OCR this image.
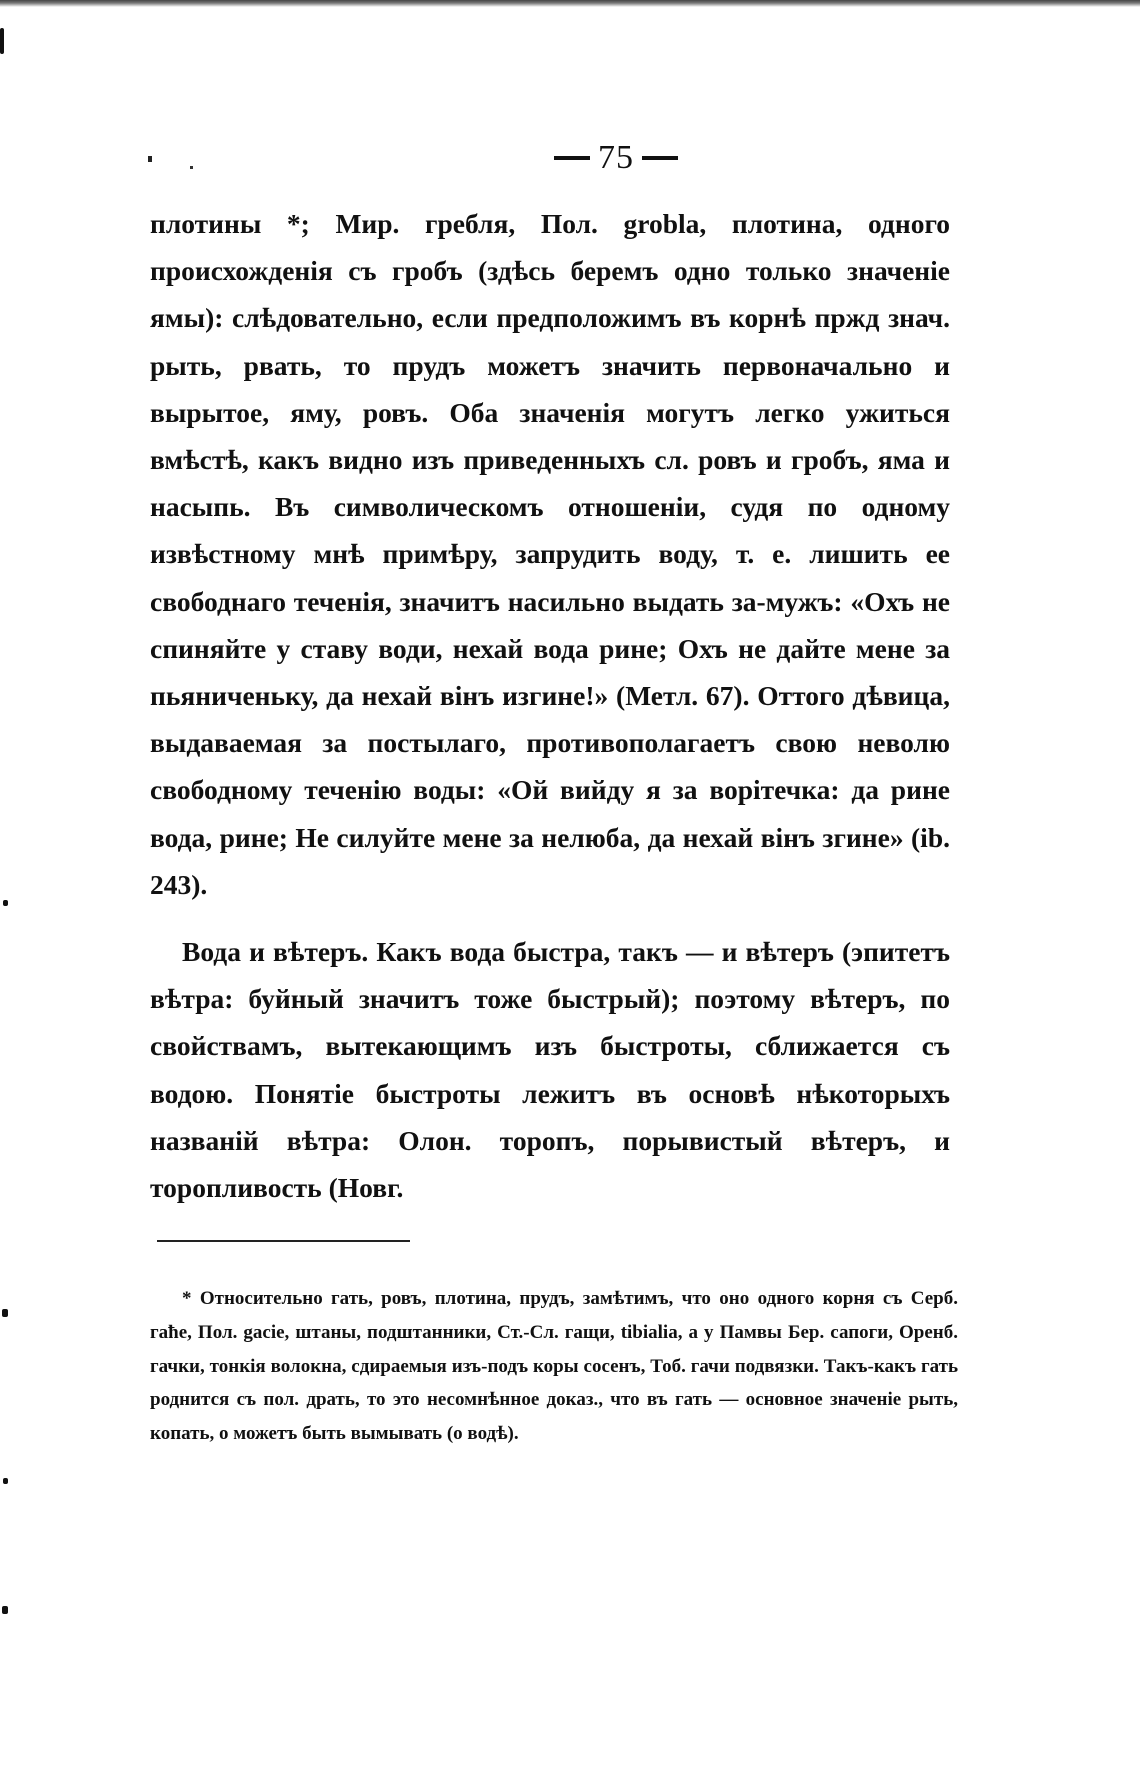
75

плотины *; Мир. гребля, Пол. grobla, плотина, одного происхожденія съ гробъ (здѣсь беремъ одно только значеніе ямы): слѣдовательно, если предположимъ въ корнѣ пржд знач. рыть, рвать, то прудъ можетъ значить первоначально и вырытое, яму, ровъ. Оба значенія могутъ легко ужиться вмѣстѣ, какъ видно изъ приведенныхъ сл. ровъ и гробъ, яма и насыпь. Въ символическомъ отношеніи, судя по одному извѣстному мнѣ примѣру, запрудить воду, т. е. лишить ее свободнаго теченія, значитъ насильно выдать за-мужъ: «Охъ не спиняйте у ставу води, нехай вода рине; Охъ не дайте мене за пьяниченьку, да нехай вінъ изгине!» (Метл. 67). Оттого дѣвица, выдаваемая за постылаго, противополагаетъ свою неволю свободному теченію воды: «Ой вийду я за ворітечка: да рине вода, рине; Не силуйте мене за нелюба, да нехай вінъ згине» (ib. 243).

Вода и вѣтеръ. Какъ вода быстра, такъ — и вѣтеръ (эпитетъ вѣтра: буйный значитъ тоже быстрый); поэтому вѣтеръ, по свойствамъ, вытекающимъ изъ быстроты, сближается съ водою. Понятіе быстроты лежитъ въ основѣ нѣкоторыхъ названій вѣтра: Олон. торопъ, порывистый вѣтеръ, и торопливость (Новг.

* Относительно гать, ровъ, плотина, прудъ, замѣтимъ, что оно одного корня съ Серб. гаће, Пол. gacie, штаны, подштанники, Ст.-Сл. гащи, tibialia, а у Памвы Бер. сапоги, Оренб. гачки, тонкія волокна, сдираемыя изъ-подъ коры сосенъ, Тоб. гачи подвязки. Такъ-какъ гать роднится съ пол. драть, то это несомнѣнное доказ., что въ гать — основное значеніе рыть, копать, о можетъ быть вымывать (о водѣ).
